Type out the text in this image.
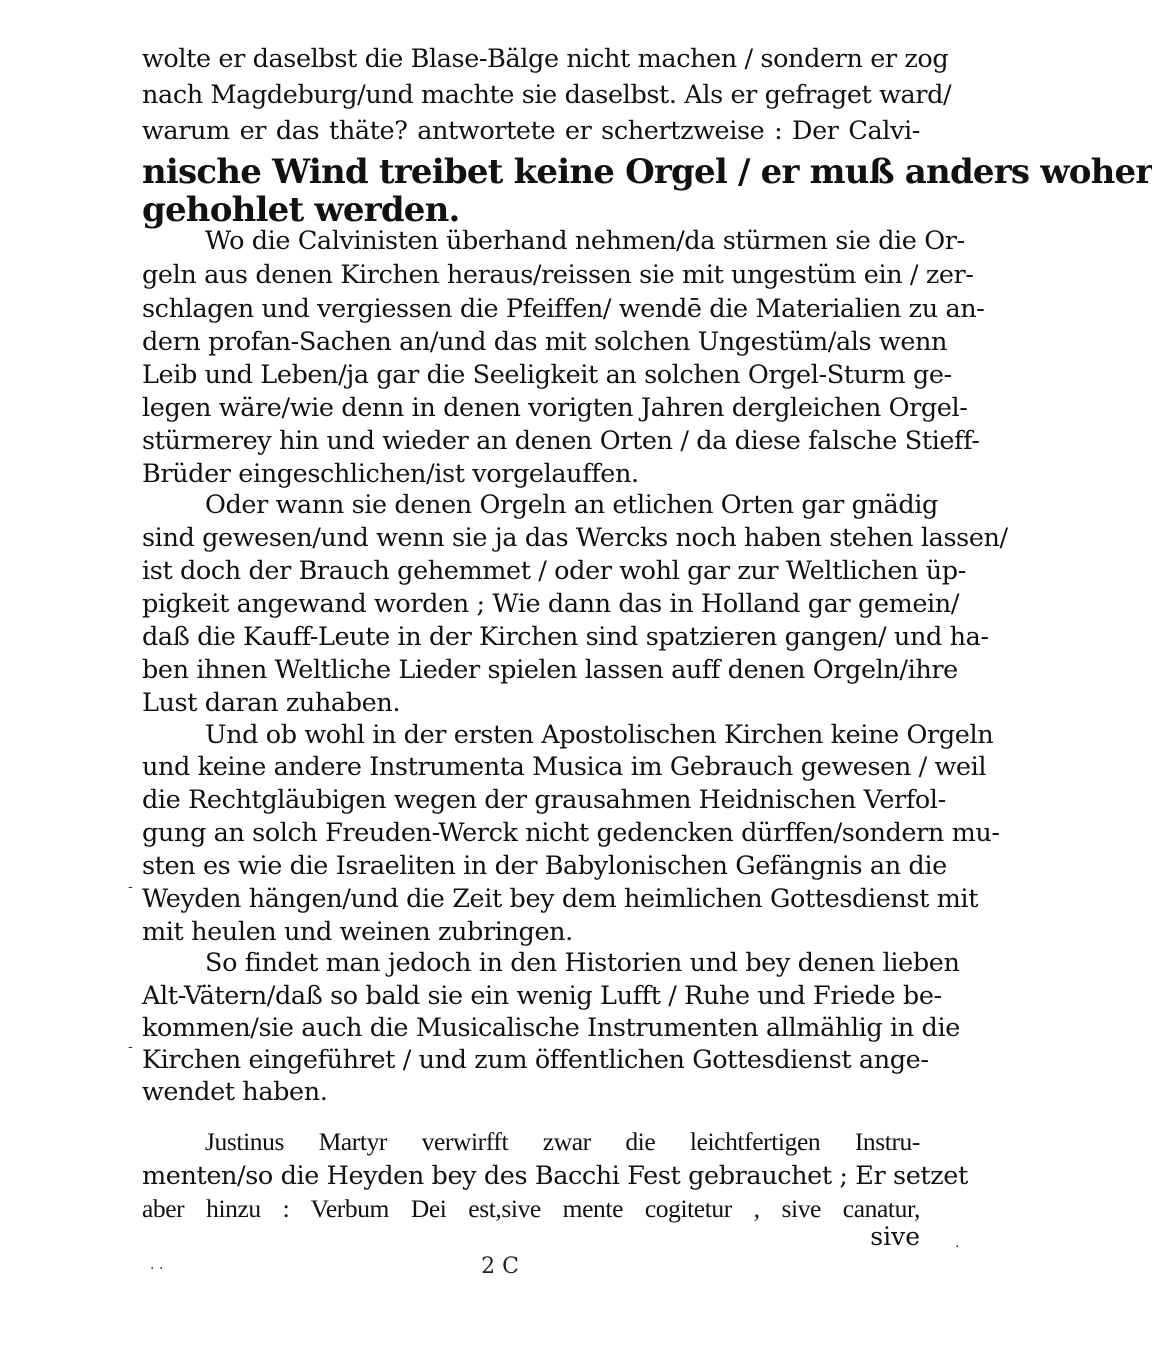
wolte er daselbst die Blase-Bälge nicht machen / sondern er zog
nach Magdeburg/und machte sie daselbst. Als er gefraget ward/
warum er das thäte? antwortete er schertzweise : Der Calvi-
nische Wind treibet keine Orgel / er muß anders woher
gehohlet werden.
Wo die Calvinisten überhand nehmen/da stürmen sie die Or-
geln aus denen Kirchen heraus/reissen sie mit ungestüm ein / zer-
schlagen und vergiessen die Pfeiffen/ wendē die Materialien zu an-
dern profan-Sachen an/und das mit solchen Ungestüm/als wenn
Leib und Leben/ja gar die Seeligkeit an solchen Orgel-Sturm ge-
legen wäre/wie denn in denen vorigten Jahren dergleichen Orgel-
stürmerey hin und wieder an denen Orten / da diese falsche Stieff-
Brüder eingeschlichen/ist vorgelauffen.
Oder wann sie denen Orgeln an etlichen Orten gar gnädig
sind gewesen/und wenn sie ja das Wercks noch haben stehen lassen/
ist doch der Brauch gehemmet / oder wohl gar zur Weltlichen üp-
pigkeit angewand worden ; Wie dann das in Holland gar gemein/
daß die Kauff-Leute in der Kirchen sind spatzieren gangen/ und ha-
ben ihnen Weltliche Lieder spielen lassen auff denen Orgeln/ihre
Lust daran zuhaben.
Und ob wohl in der ersten Apostolischen Kirchen keine Orgeln
und keine andere Instrumenta Musica im Gebrauch gewesen / weil
die Rechtgläubigen wegen der grausahmen Heidnischen Verfol-
gung an solch Freuden-Werck nicht gedencken dürffen/sondern mu-
sten es wie die Israeliten in der Babylonischen Gefängnis an die
Weyden hängen/und die Zeit bey dem heimlichen Gottesdienst mit
mit heulen und weinen zubringen.
So findet man jedoch in den Historien und bey denen lieben
Alt-Vätern/daß so bald sie ein wenig Lufft / Ruhe und Friede be-
kommen/sie auch die Musicalische Instrumenten allmählig in die
Kirchen eingeführet / und zum öffentlichen Gottesdienst ange-
wendet haben.
Justinus Martyr verwirfft zwar die leichtfertigen Instru-
menten/so die Heyden bey des Bacchi Fest gebrauchet ; Er setzet
aber hinzu : Verbum Dei est,sive mente cogitetur , sive canatur,
sive
2 C
-
-
· ·
·
